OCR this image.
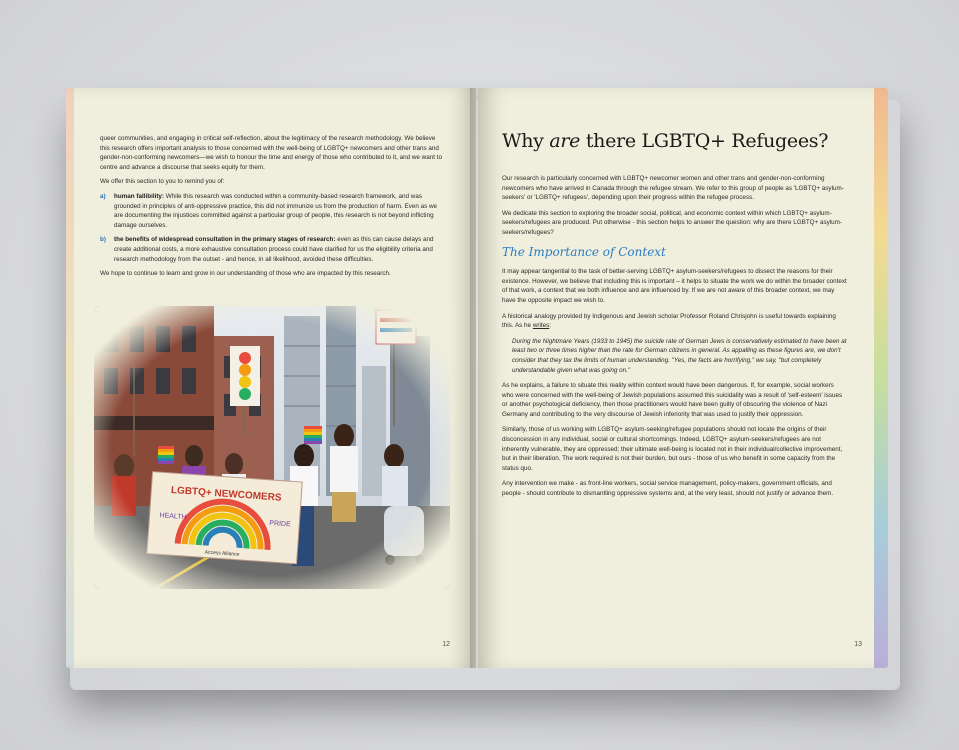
queer communities, and engaging in critical self-reflection, about the legitimacy of the research methodology. We believe this research offers important analysis to those concerned with the well-being of LGBTQ+ newcomers and other trans and gender-non-conforming newcomers—we wish to honour the time and energy of those who contributed to it, and we want to centre and advance a discourse that seeks equity for them.

We offer this section to you to remind you of:

a)	human fallibility: While this research was conducted within a community-based research framework, and was grounded in principles of anti-oppressive practice, this did not immunize us from the production of harm. Even as we are documenting the injustices committed against a particular group of people, this research is not beyond inflicting damage ourselves.
b)	the benefits of widespread consultation in the primary stages of research: even as this can cause delays and create additional costs, a more exhaustive consultation process could have clarified for us the eligibility criteria and research methodology from the outset - and hence, in all likelihood, avoided these difficulties.

We hope to continue to learn and grow in our understanding of those who are impacted by this research.

12
Why are there LGBTQ+ Refugees?

Our research is particularly concerned with LGBTQ+ newcomer women and other trans and gender-non-conforming newcomers who have arrived in Canada through the refugee stream. We refer to this group of people as 'LGBTQ+ asylum-seekers' or 'LGBTQ+ refugees', depending upon their progress within the refugee process.

We dedicate this section to exploring the broader social, political, and economic context within which LGBTQ+ asylum-seekers/refugees are produced. Put otherwise - this section helps to answer the question: why are there LGBTQ+ asylum-seekers/refugees?

The Importance of Context

It may appear tangential to the task of better-serving LGBTQ+ asylum-seekers/refugees to dissect the reasons for their existence. However, we believe that including this is important – it helps to situate the work we do within the broader context of that work, a context that we both influence and are influenced by. If we are not aware of this broader context, we may have the opposite impact we wish to.

A historical analogy provided by Indigenous and Jewish scholar Professor Roland Chrisjohn is useful towards explaining this. As he writes:

During the Nightmare Years (1933 to 1945) the suicide rate of German Jews is conservatively estimated to have been at least two or three times higher than the rate for German citizens in general. As appalling as these figures are, we don't consider that they tax the limits of human understanding. "Yes, the facts are horrifying," we say, "but completely understandable given what was going on."

As he explains, a failure to situate this reality within context would have been dangerous. If, for example, social workers who were concerned with the well-being of Jewish populations assumed this suicidality was a result of 'self-esteem' issues or another psychological deficiency, then those practitioners would have been guilty of obscuring the violence of Nazi Germany and contributing to the very discourse of Jewish inferiority that was used to justify their oppression.

Similarly, those of us working with LGBTQ+ asylum-seeking/refugee populations should not locate the origins of their disconcession in any individual, social or cultural shortcomings. Indeed, LGBTQ+ asylum-seekers/refugees are not inherently vulnerable, they are oppressed; their ultimate well-being is located not in their individual/collective improvement, but in their liberation. The work required is not their burden, but ours - those of us who benefit in some capacity from the status quo.

Any intervention we make - as front-line workers, social service management, policy-makers, government officials, and people - should contribute to dismantling oppressive systems and, at the very least, should not justify or advance them.

13
